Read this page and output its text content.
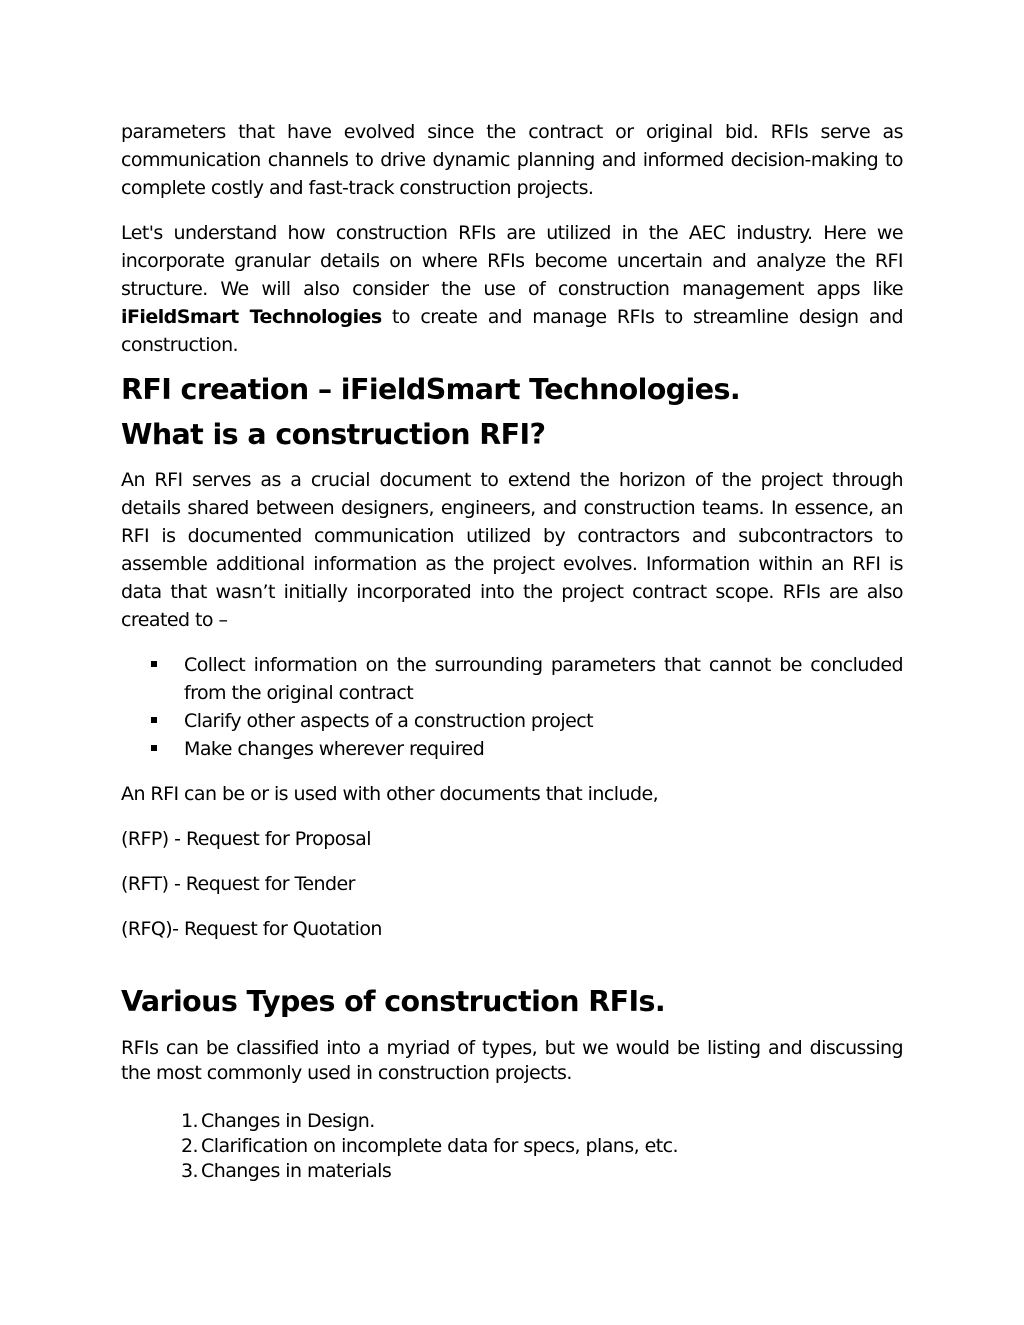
parameters that have evolved since the contract or original bid. RFIs serve as communication channels to drive dynamic planning and informed decision-making to complete costly and fast-track construction projects.

Let's understand how construction RFIs are utilized in the AEC industry. Here we incorporate granular details on where RFIs become uncertain and analyze the RFI structure. We will also consider the use of construction management apps like iFieldSmart Technologies to create and manage RFIs to streamline design and construction.

RFI creation – iFieldSmart Technologies.
What is a construction RFI?

An RFI serves as a crucial document to extend the horizon of the project through details shared between designers, engineers, and construction teams. In essence, an RFI is documented communication utilized by contractors and subcontractors to assemble additional information as the project evolves. Information within an RFI is data that wasn’t initially incorporated into the project contract scope. RFIs are also created to –

Collect information on the surrounding parameters that cannot be concluded from the original contract
Clarify other aspects of a construction project
Make changes wherever required

An RFI can be or is used with other documents that include,

(RFP) - Request for Proposal

(RFT) - Request for Tender

(RFQ)- Request for Quotation

Various Types of construction RFIs.

RFIs can be classified into a myriad of types, but we would be listing and discussing the most commonly used in construction projects.

1. Changes in Design.
2. Clarification on incomplete data for specs, plans, etc.
3. Changes in materials
